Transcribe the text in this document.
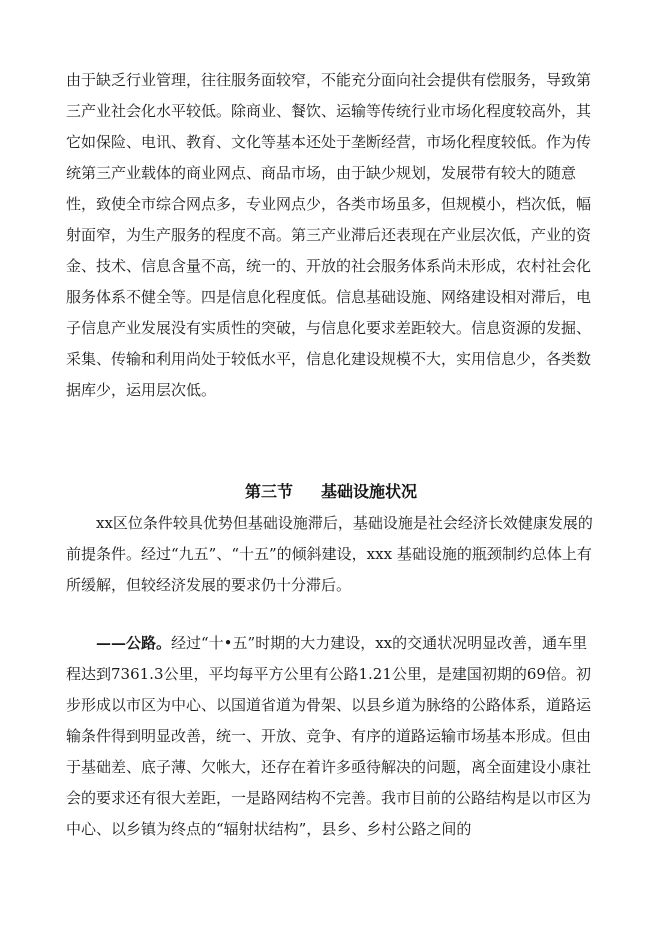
由于缺乏行业管理，往往服务面较窄，不能充分面向社会提供有偿服务，导致第三产业社会化水平较低。除商业、餐饮、运输等传统行业市场化程度较高外，其它如保险、电讯、教育、文化等基本还处于垄断经营，市场化程度较低。作为传统第三产业载体的商业网点、商品市场，由于缺少规划，发展带有较大的随意性，致使全市综合网点多，专业网点少，各类市场虽多，但规模小，档次低，幅射面窄，为生产服务的程度不高。第三产业滞后还表现在产业层次低，产业的资金、技术、信息含量不高，统一的、开放的社会服务体系尚未形成，农村社会化服务体系不健全等。四是信息化程度低。信息基础设施、网络建设相对滞后，电子信息产业发展没有实质性的突破，与信息化要求差距较大。信息资源的发掘、采集、传输和利用尚处于较低水平，信息化建设规模不大，实用信息少，各类数据库少，运用层次低。

第三节 基础设施状况

xx区位条件较具优势但基础设施滞后，基础设施是社会经济长效健康发展的前提条件。经过“九五”、“十五”的倾斜建设，xxx 基础设施的瓶颈制约总体上有所缓解，但较经济发展的要求仍十分滞后。

——公路。经过“十•五”时期的大力建设，xx的交通状况明显改善，通车里程达到7361.3公里，平均每平方公里有公路1.21公里，是建国初期的69倍。初步形成以市区为中心、以国道省道为骨架、以县乡道为脉络的公路体系，道路运输条件得到明显改善，统一、开放、竞争、有序的道路运输市场基本形成。但由于基础差、底子薄、欠帐大，还存在着许多亟待解决的问题，离全面建设小康社会的要求还有很大差距，一是路网结构不完善。我市目前的公路结构是以市区为中心、以乡镇为终点的“辐射状结构”，县乡、乡村公路之间的
